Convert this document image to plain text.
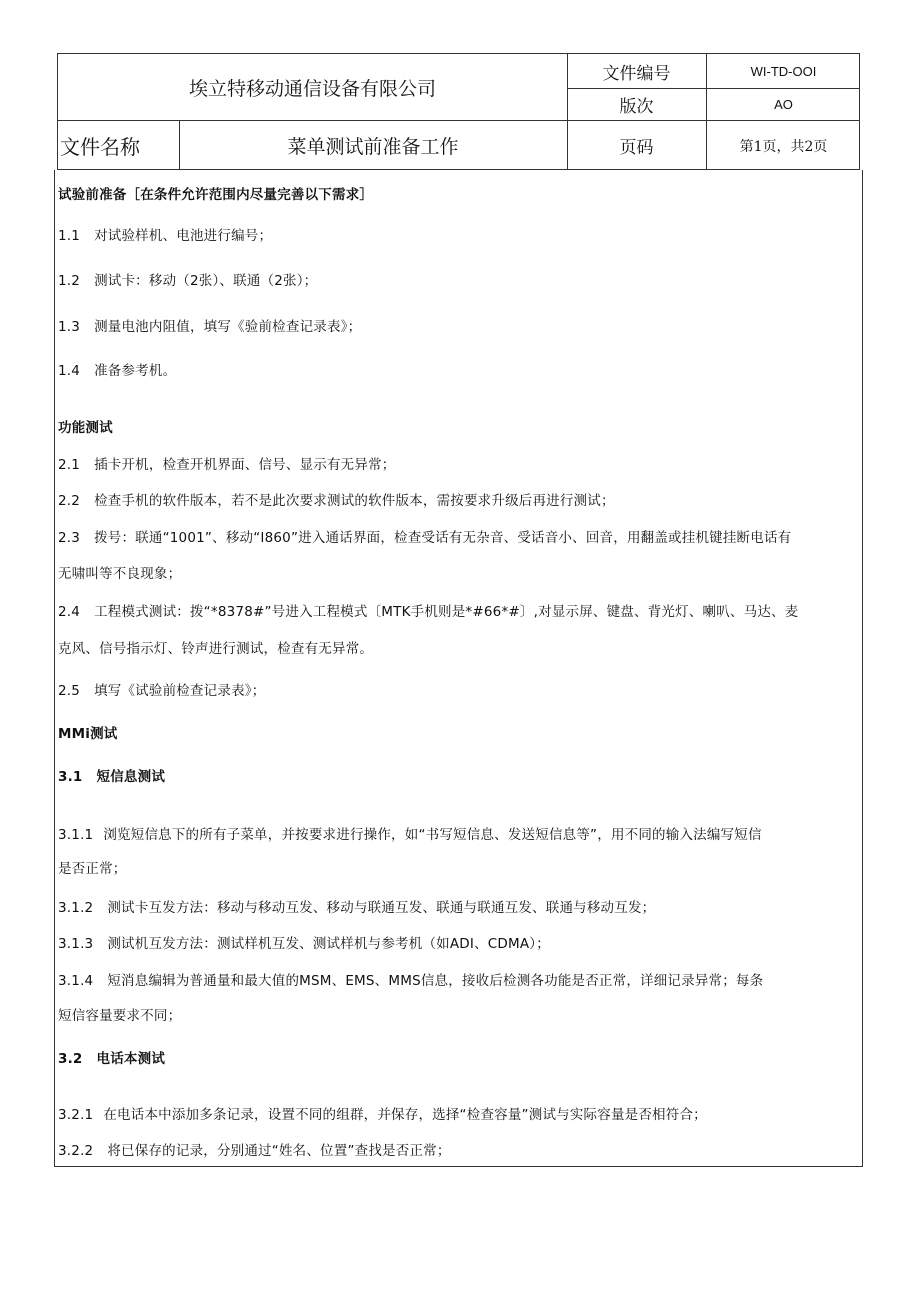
埃立特移动通信设备有限公司
文件编号	WI-TD-OOI
版次	AO
文件名称	菜单测试前准备工作	页码	第1页，共2页
试验前准备［在条件允许范围内尽量完善以下需求］
1.1 对试验样机、电池进行编号；
1.2 测试卡：移动（2张）、联通（2张）；
1.3 测量电池内阻值，填写《验前检查记录表》；
1.4 准备参考机。
功能测试
2.1 插卡开机，检查开机界面、信号、显示有无异常；
2.2 检查手机的软件版本，若不是此次要求测试的软件版本，需按要求升级后再进行测试；
2.3 拨号：联通“1001”、移动“I860”进入通话界面，检查受话有无杂音、受话音小、回音，用翻盖或挂机键挂断电话有
无啸叫等不良现象；
2.4 工程模式测试：拨“*8378#”号进入工程模式〔MTK手机则是*#66*#〕,对显示屏、键盘、背光灯、喇叭、马达、麦
克风、信号指示灯、铃声进行测试，检查有无异常。
2.5 填写《试验前检查记录表》；
MMi测试
3.1 短信息测试
3.1.1 浏览短信息下的所有子菜单，并按要求进行操作，如“书写短信息、发送短信息等”，用不同的输入法编写短信
是否正常；
3.1.2 测试卡互发方法：移动与移动互发、移动与联通互发、联通与联通互发、联通与移动互发；
3.1.3 测试机互发方法：测试样机互发、测试样机与参考机（如ADI、CDMA）；
3.1.4 短消息编辑为普通量和最大值的MSM、EMS、MMS信息，接收后检测各功能是否正常，详细记录异常；每条
短信容量要求不同；
3.2 电话本测试
3.2.1 在电话本中添加多条记录，设置不同的组群，并保存，选择“检查容量”测试与实际容量是否相符合；
3.2.2 将已保存的记录，分别通过“姓名、位置”查找是否正常；
